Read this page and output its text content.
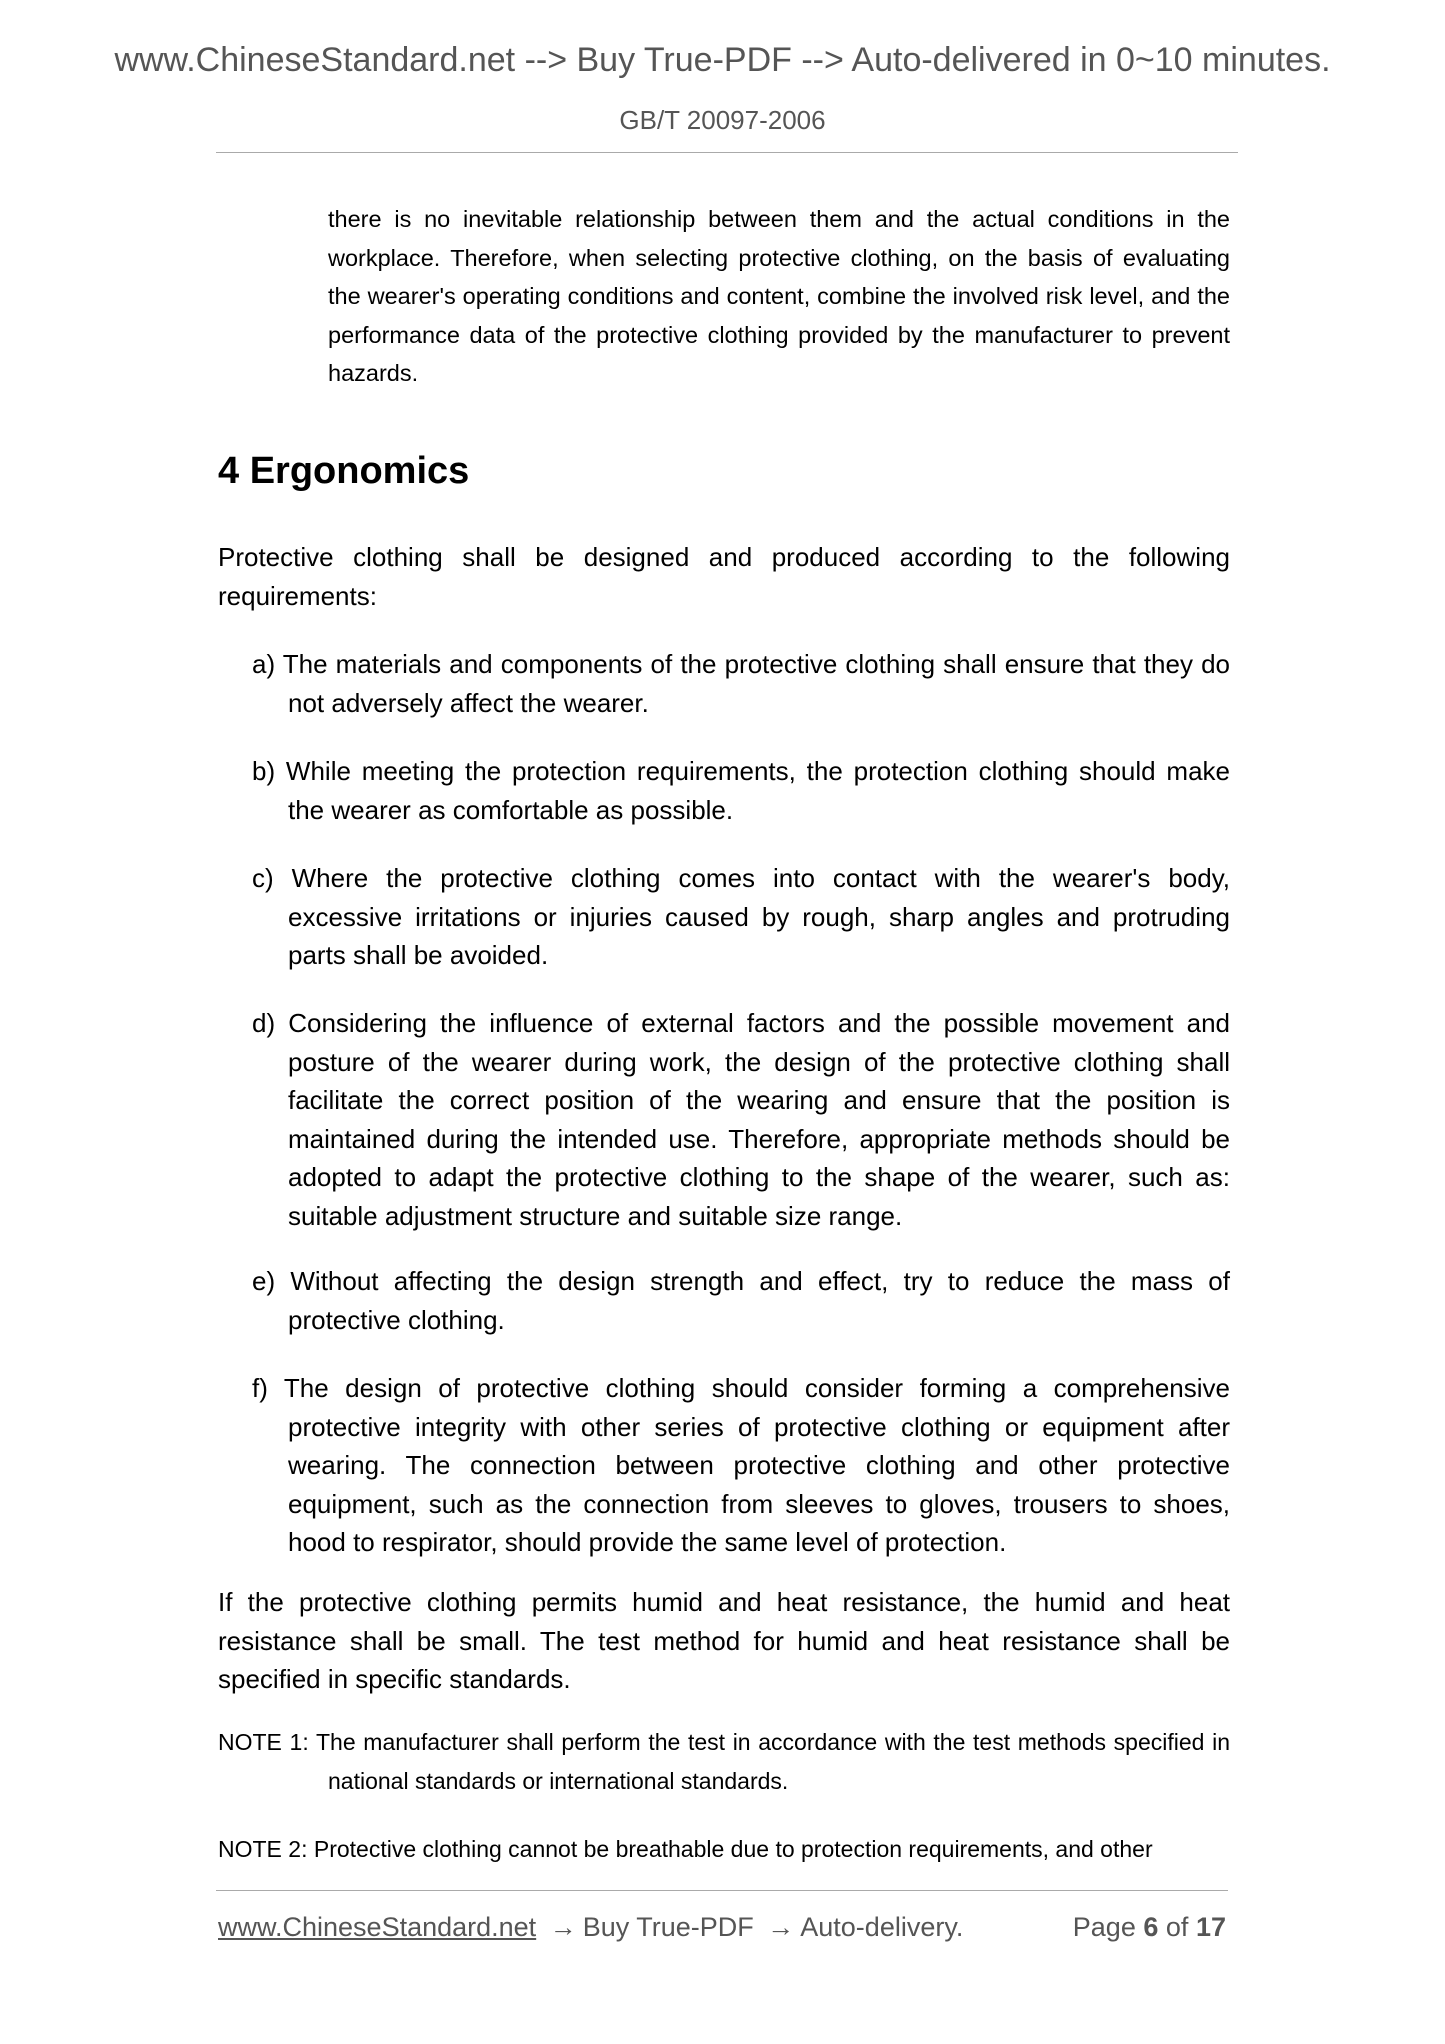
www.ChineseStandard.net --> Buy True-PDF --> Auto-delivered in 0~10 minutes.
GB/T 20097-2006

there is no inevitable relationship between them and the actual conditions in the workplace. Therefore, when selecting protective clothing, on the basis of evaluating the wearer's operating conditions and content, combine the involved risk level, and the performance data of the protective clothing provided by the manufacturer to prevent hazards.

4 Ergonomics

Protective clothing shall be designed and produced according to the following requirements:

a) The materials and components of the protective clothing shall ensure that they do not adversely affect the wearer.
b) While meeting the protection requirements, the protection clothing should make the wearer as comfortable as possible.
c) Where the protective clothing comes into contact with the wearer's body, excessive irritations or injuries caused by rough, sharp angles and protruding parts shall be avoided.
d) Considering the influence of external factors and the possible movement and posture of the wearer during work, the design of the protective clothing shall facilitate the correct position of the wearing and ensure that the position is maintained during the intended use. Therefore, appropriate methods should be adopted to adapt the protective clothing to the shape of the wearer, such as: suitable adjustment structure and suitable size range.
e) Without affecting the design strength and effect, try to reduce the mass of protective clothing.
f) The design of protective clothing should consider forming a comprehensive protective integrity with other series of protective clothing or equipment after wearing. The connection between protective clothing and other protective equipment, such as the connection from sleeves to gloves, trousers to shoes, hood to respirator, should provide the same level of protection.

If the protective clothing permits humid and heat resistance, the humid and heat resistance shall be small. The test method for humid and heat resistance shall be specified in specific standards.

NOTE 1: The manufacturer shall perform the test in accordance with the test methods specified in national standards or international standards.
NOTE 2: Protective clothing cannot be breathable due to protection requirements, and other
www.ChineseStandard.net → Buy True-PDF → Auto-delivery.	Page 6 of 17
